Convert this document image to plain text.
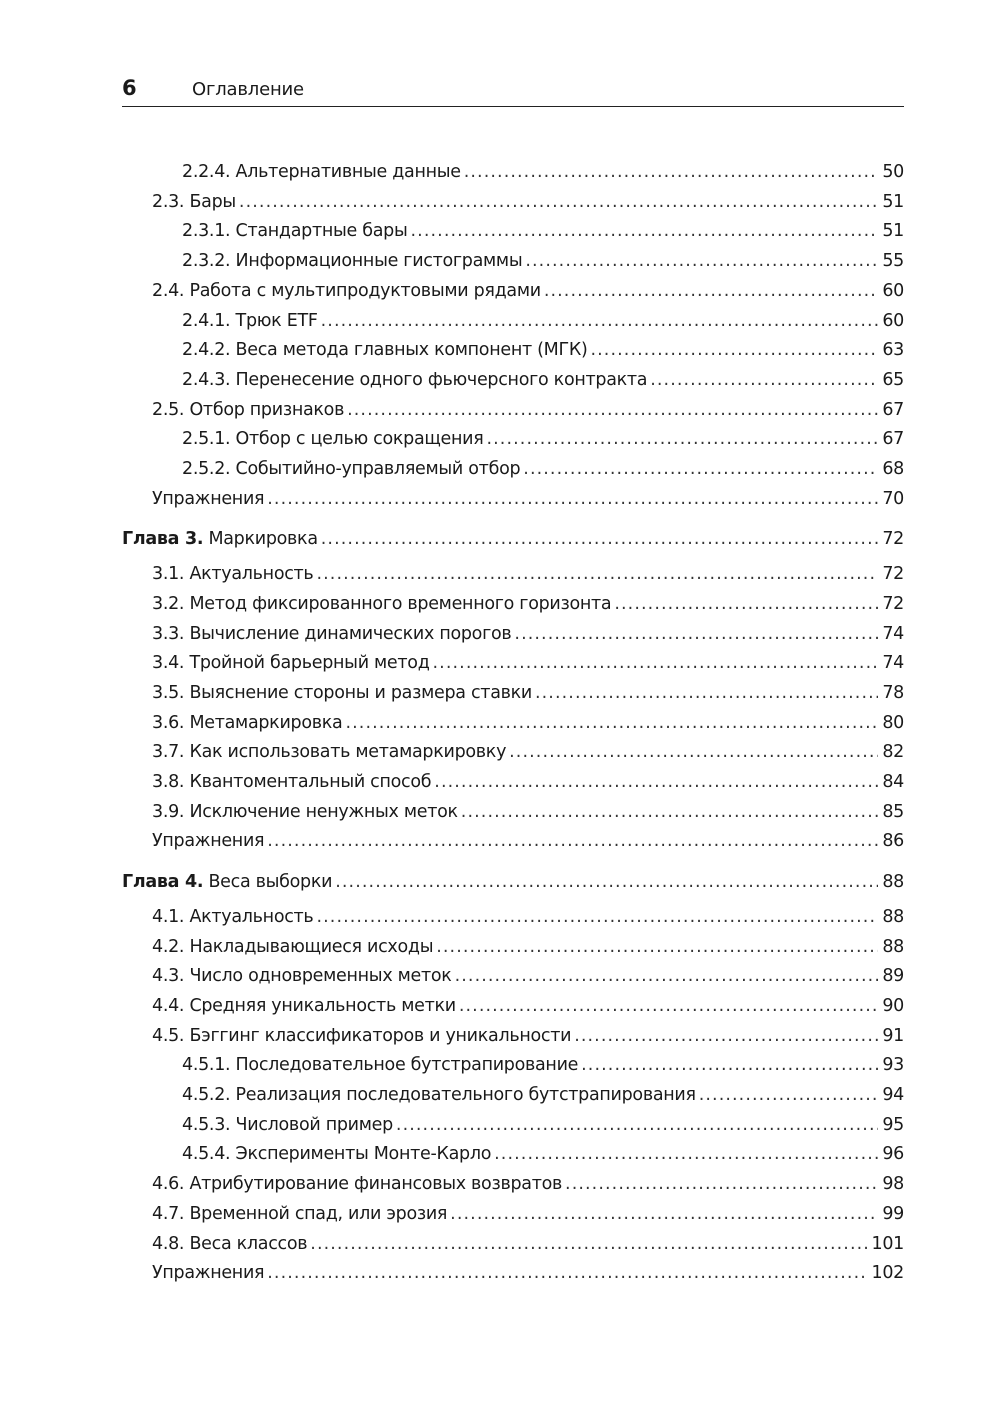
6	Оглавление
2.2.4. Альтернативные данные .....	50
2.3. Бары .....	51
2.3.1. Стандартные бары .....	51
2.3.2. Информационные гистограммы .....	55
2.4. Работа с мультипродуктовыми рядами .....	60
2.4.1. Трюк ETF .....	60
2.4.2. Веса метода главных компонент (МГК) .....	63
2.4.3. Перенесение одного фьючерсного контракта .....	65
2.5. Отбор признаков .....	67
2.5.1. Отбор с целью сокращения .....	67
2.5.2. Событийно-управляемый отбор .....	68
Упражнения .....	70
Глава 3. Маркировка .....	72
3.1. Актуальность .....	72
3.2. Метод фиксированного временного горизонта .....	72
3.3. Вычисление динамических порогов .....	74
3.4. Тройной барьерный метод .....	74
3.5. Выяснение стороны и размера ставки .....	78
3.6. Метамаркировка .....	80
3.7. Как использовать метамаркировку .....	82
3.8. Квантоментальный способ .....	84
3.9. Исключение ненужных меток .....	85
Упражнения .....	86
Глава 4. Веса выборки .....	88
4.1. Актуальность .....	88
4.2. Накладывающиеся исходы .....	88
4.3. Число одновременных меток .....	89
4.4. Средняя уникальность метки .....	90
4.5. Бэггинг классификаторов и уникальности .....	91
4.5.1. Последовательное бутстрапирование .....	93
4.5.2. Реализация последовательного бутстрапирования .....	94
4.5.3. Числовой пример .....	95
4.5.4. Эксперименты Монте-Карло .....	96
4.6. Атрибутирование финансовых возвратов .....	98
4.7. Временной спад, или эрозия .....	99
4.8. Веса классов .....	101
Упражнения .....	102
